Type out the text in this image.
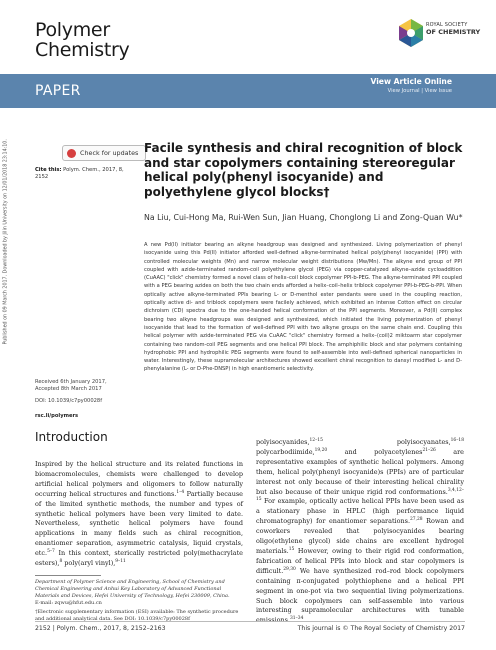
Polymer
Chemistry
ROYAL SOCIETY
OF CHEMISTRY
PAPER
View Article Online
View Journal | View Issue
Published on 09 March 2017. Downloaded by Jilin University on 12/01/2018 23:14:10.	Check for updates
Cite this: Polym. Chem., 2017, 8, 2152
Facile synthesis and chiral recognition of block and star copolymers containing stereoregular helical poly(phenyl isocyanide) and polyethylene glycol blocks†
Na Liu, Cui-Hong Ma, Rui-Wen Sun, Jian Huang, Chonglong Li and Zong-Quan Wu*
A new Pd(II) initiator bearing an alkyne headgroup was designed and synthesized. Living polymerization of phenyl isocyanide using this Pd(II) initiator afforded well-defined alkyne-terminated helical poly(phenyl isocyanide) (PPI) with controlled molecular weights (Mn) and narrow molecular weight distributions (Mw/Mn). The alkyne end group of PPI coupled with azide-terminated random-coil polyethylene glycol (PEG) via copper-catalyzed alkyne–azide cycloaddition (CuAAC) "click" chemistry formed a novel class of helix–coil block copolymer PPI-b-PEG. The alkyne-terminated PPI coupled with a PEG bearing azides on both the two chain ends afforded a helix–coil–helix triblock copolymer PPI-b-PEG-b-PPI. When optically active alkyne-terminated PPIs bearing L- or D-menthol ester pendants were used in the coupling reaction, optically active di- and triblock copolymers were facilely achieved, which exhibited an intense Cotton effect on circular dichroism (CD) spectra due to the one-handed helical conformation of the PPI segments. Moreover, a Pd(II) complex bearing two alkyne headgroups was designed and synthesized, which initiated the living polymerization of phenyl isocyanide that lead to the formation of well-defined PPI with two alkyne groups on the same chain end. Coupling this helical polymer with azide-terminated PEG via CuAAC "click" chemistry formed a helix–(coil)2 miktoarm star copolymer containing two random-coil PEG segments and one helical PPI block. The amphiphilic block and star polymers containing hydrophobic PPI and hydrophilic PEG segments were found to self-assemble into well-defined spherical nanoparticles in water. Interestingly, these supramolecular architectures showed excellent chiral recognition to dansyl modified L- and D-phenylalanine (L- or D-Phe-DNSP) in high enantiomeric selectivity.
Received 6th January 2017,
Accepted 8th March 2017
DOI: 10.1039/c7py00028f
rsc.li/polymers
Introduction
Inspired by the helical structure and its related functions in biomacromolecules, chemists were challenged to develop artificial helical polymers and oligomers to follow naturally occurring helical structures and functions.$^{1-4}$ Partially because of the limited synthetic methods, the number and types of synthetic helical polymers have been very limited to date. Nevertheless, synthetic helical polymers have found applications in many fields such as chiral recognition, enantiomer separation, asymmetric catalysis, liquid crystals, etc.$^{5-7}$ In this context, sterically restricted poly(methacrylate esters),$^8$ poly(aryl vinyl),$^{9-11}$
polyisocyanides,$^{12-15}$ polyisocyanates,$^{16-18}$ polycarbodiimide,$^{19,20}$ and polyacetylenes$^{21-26}$ are representative examples of synthetic helical polymers. Among them, helical poly(phenyl isocyanide)s (PPIs) are of particular interest not only because of their interesting helical chirality but also because of their unique rigid rod conformations.$^{3,4,12-15}$ For example, optically active helical PPIs have been used as a stationary phase in HPLC (high performance liquid chromatography) for enantiomer separations.$^{27,28}$ Rowan and coworkers revealed that polyisocyanides bearing oligo(ethylene glycol) side chains are excellent hydrogel materials.$^{15}$ However, owing to their rigid rod conformation, fabrication of helical PPIs into block and star copolymers is difficult.$^{29,30}$ We have synthesized rod–rod block copolymers containing π-conjugated polythiophene and a helical PPI segment in one-pot via two sequential living polymerizations. Such block copolymers can self-assemble into various interesting supramolecular architectures with tunable emissions.$^{31-34}$
Department of Polymer Science and Engineering, School of Chemistry and Chemical Engineering and Anhui Key Laboratory of Advanced Functional Materials and Devices, Hefei University of Technology, Hefei 230009, China.
E-mail: zqwu@hfut.edu.cn
†Electronic supplementary information (ESI) available: The synthetic procedure and additional analytical data. See DOI: 10.1039/c7py00028f
2152 | Polym. Chem., 2017, 8, 2152–2163	This journal is © The Royal Society of Chemistry 2017
